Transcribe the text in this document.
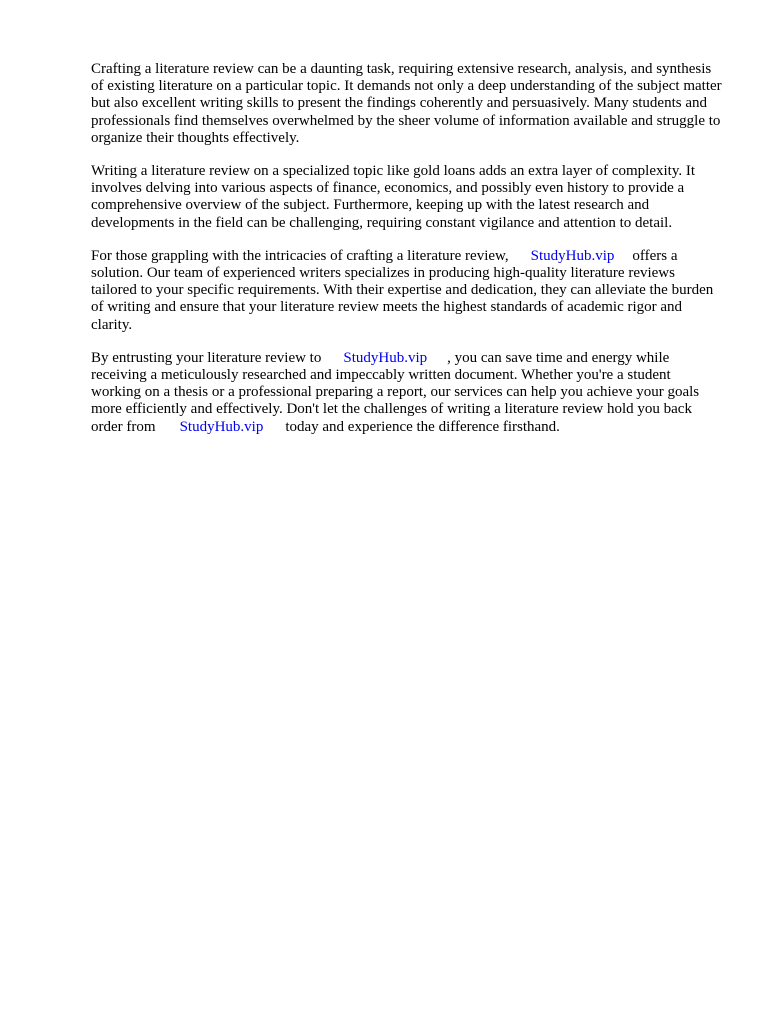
Crafting a literature review can be a daunting task, requiring extensive research, analysis, and synthesis of existing literature on a particular topic. It demands not only a deep understanding of the subject matter but also excellent writing skills to present the findings coherently and persuasively. Many students and professionals find themselves overwhelmed by the sheer volume of information available and struggle to organize their thoughts effectively.

Writing a literature review on a specialized topic like gold loans adds an extra layer of complexity. It involves delving into various aspects of finance, economics, and possibly even history to provide a comprehensive overview of the subject. Furthermore, keeping up with the latest research and developments in the field can be challenging, requiring constant vigilance and attention to detail.

For those grappling with the intricacies of crafting a literature review, StudyHub.vip offers a solution. Our team of experienced writers specializes in producing high-quality literature reviews tailored to your specific requirements. With their expertise and dedication, they can alleviate the burden of writing and ensure that your literature review meets the highest standards of academic rigor and clarity.

By entrusting your literature review to StudyHub.vip , you can save time and energy while receiving a meticulously researched and impeccably written document. Whether you're a student working on a thesis or a professional preparing a report, our services can help you achieve your goals more efficiently and effectively. Don't let the challenges of writing a literature review hold you back  order from StudyHub.vip today and experience the difference firsthand.
